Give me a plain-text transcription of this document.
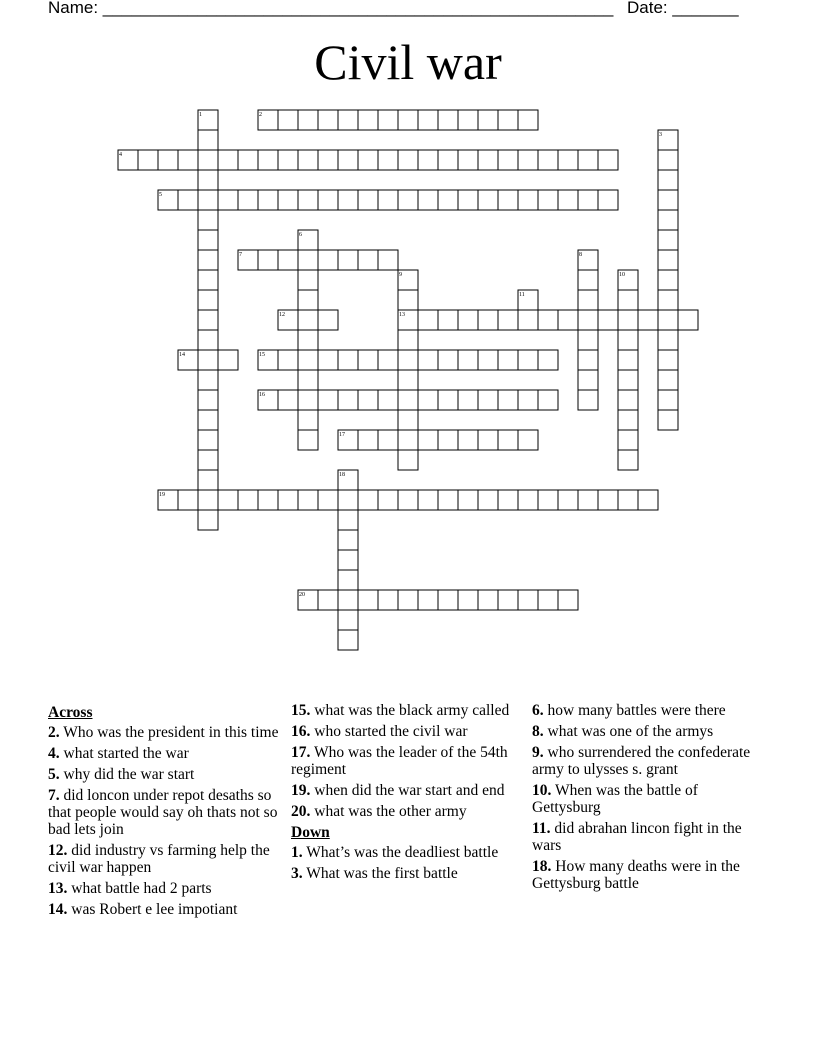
Name: ______________________________________________________ Date: _______
Civil war
1	2
3
4
5
6
7	8
9	10
11
12	13
14	15
16
17
18
19
20
Across
2. Who was the president in this time
4. what started the war
5. why did the war start
7. did loncon under repot desaths so that people would say oh thats not so bad lets join
12. did industry vs farming help the civil war happen
13. what battle had 2 parts
14. was Robert e lee impotiant
15. what was the black army called
16. who started the civil war
17. Who was the leader of the 54th regiment
19. when did the war start and end
20. what was the other army
Down
1. What’s was the deadliest battle
3. What was the first battle
6. how many battles were there
8. what was one of the armys
9. who surrendered the confederate army to ulysses s. grant
10. When was the battle of Gettysburg
11. did abrahan lincon fight in the wars
18. How many deaths were in the Gettysburg battle
